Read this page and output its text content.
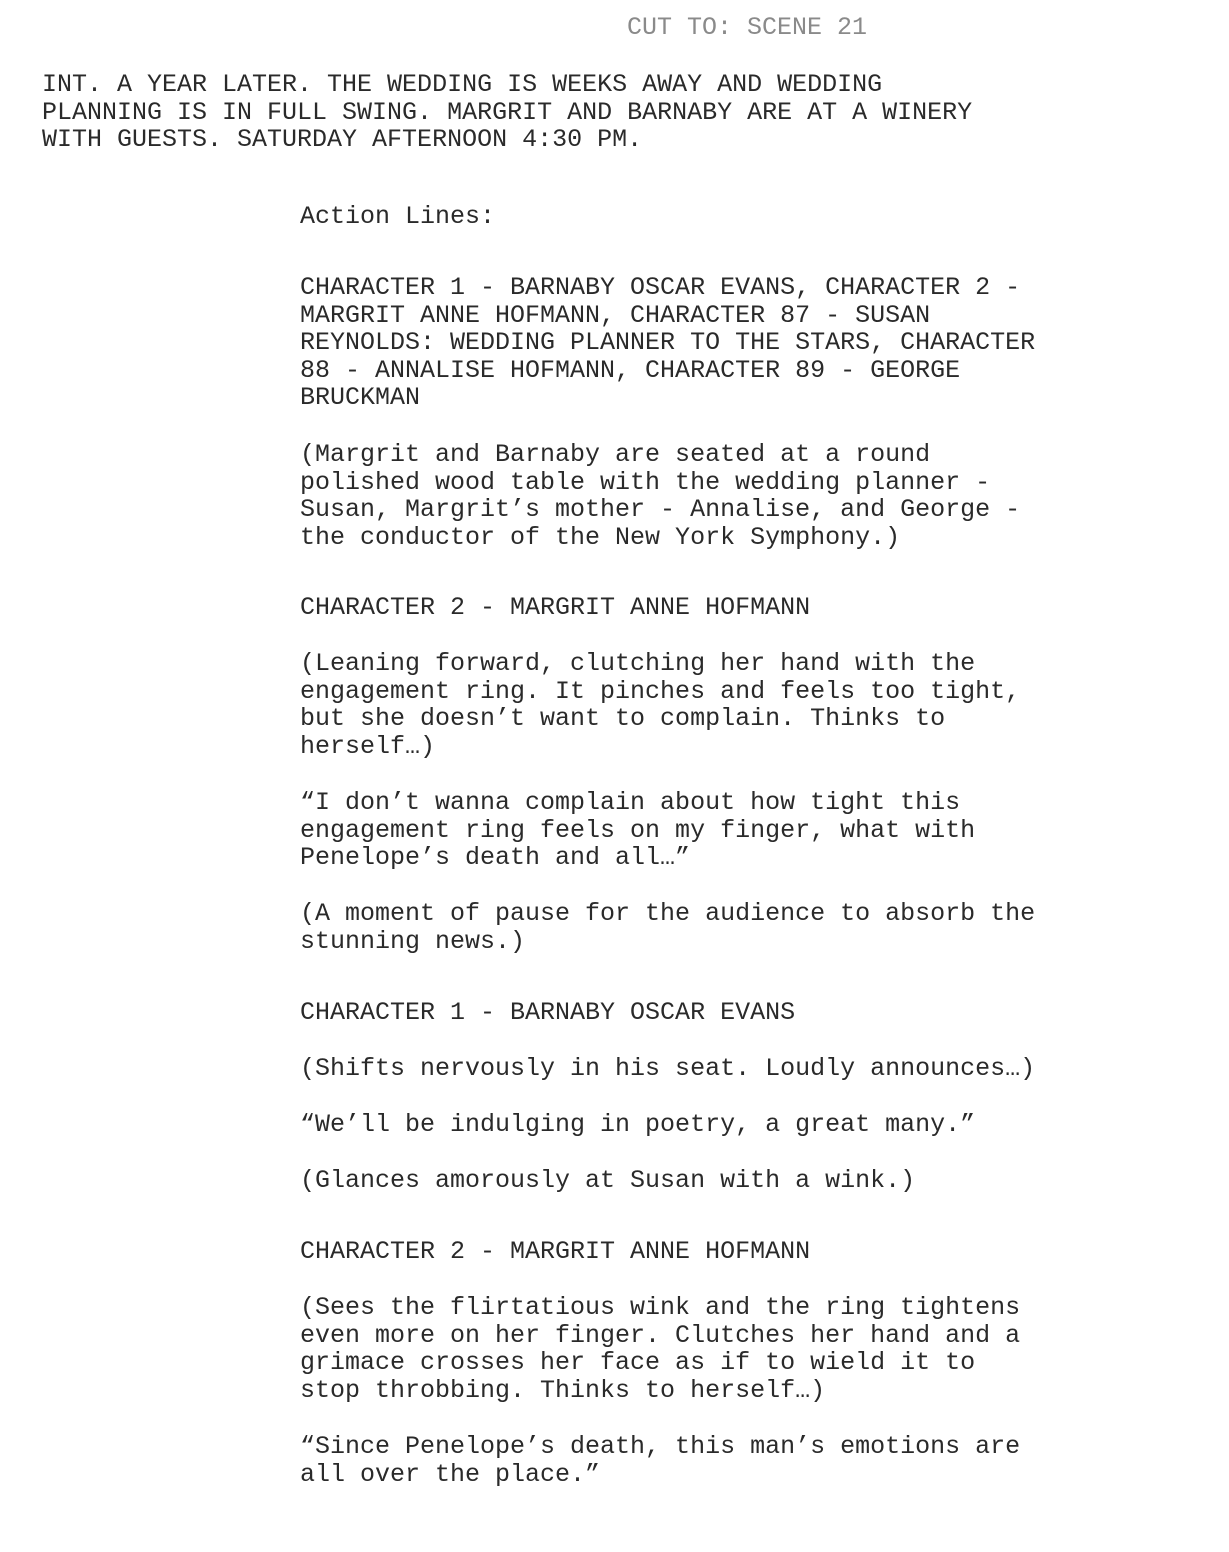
CUT TO: SCENE 21
INT. A YEAR LATER. THE WEDDING IS WEEKS AWAY AND WEDDING
PLANNING IS IN FULL SWING. MARGRIT AND BARNABY ARE AT A WINERY
WITH GUESTS. SATURDAY AFTERNOON 4:30 PM.
Action Lines:
CHARACTER 1 - BARNABY OSCAR EVANS, CHARACTER 2 -
MARGRIT ANNE HOFMANN, CHARACTER 87 - SUSAN
REYNOLDS: WEDDING PLANNER TO THE STARS, CHARACTER
88 - ANNALISE HOFMANN, CHARACTER 89 - GEORGE
BRUCKMAN
(Margrit and Barnaby are seated at a round
polished wood table with the wedding planner -
Susan, Margrit’s mother - Annalise, and George -
the conductor of the New York Symphony.)
CHARACTER 2 - MARGRIT ANNE HOFMANN
(Leaning forward, clutching her hand with the
engagement ring. It pinches and feels too tight,
but she doesn’t want to complain. Thinks to
herself…)
“I don’t wanna complain about how tight this
engagement ring feels on my finger, what with
Penelope’s death and all…”
(A moment of pause for the audience to absorb the
stunning news.)
CHARACTER 1 - BARNABY OSCAR EVANS
(Shifts nervously in his seat. Loudly announces…)
“We’ll be indulging in poetry, a great many.”
(Glances amorously at Susan with a wink.)
CHARACTER 2 - MARGRIT ANNE HOFMANN
(Sees the flirtatious wink and the ring tightens
even more on her finger. Clutches her hand and a
grimace crosses her face as if to wield it to
stop throbbing. Thinks to herself…)
“Since Penelope’s death, this man’s emotions are
all over the place.”
